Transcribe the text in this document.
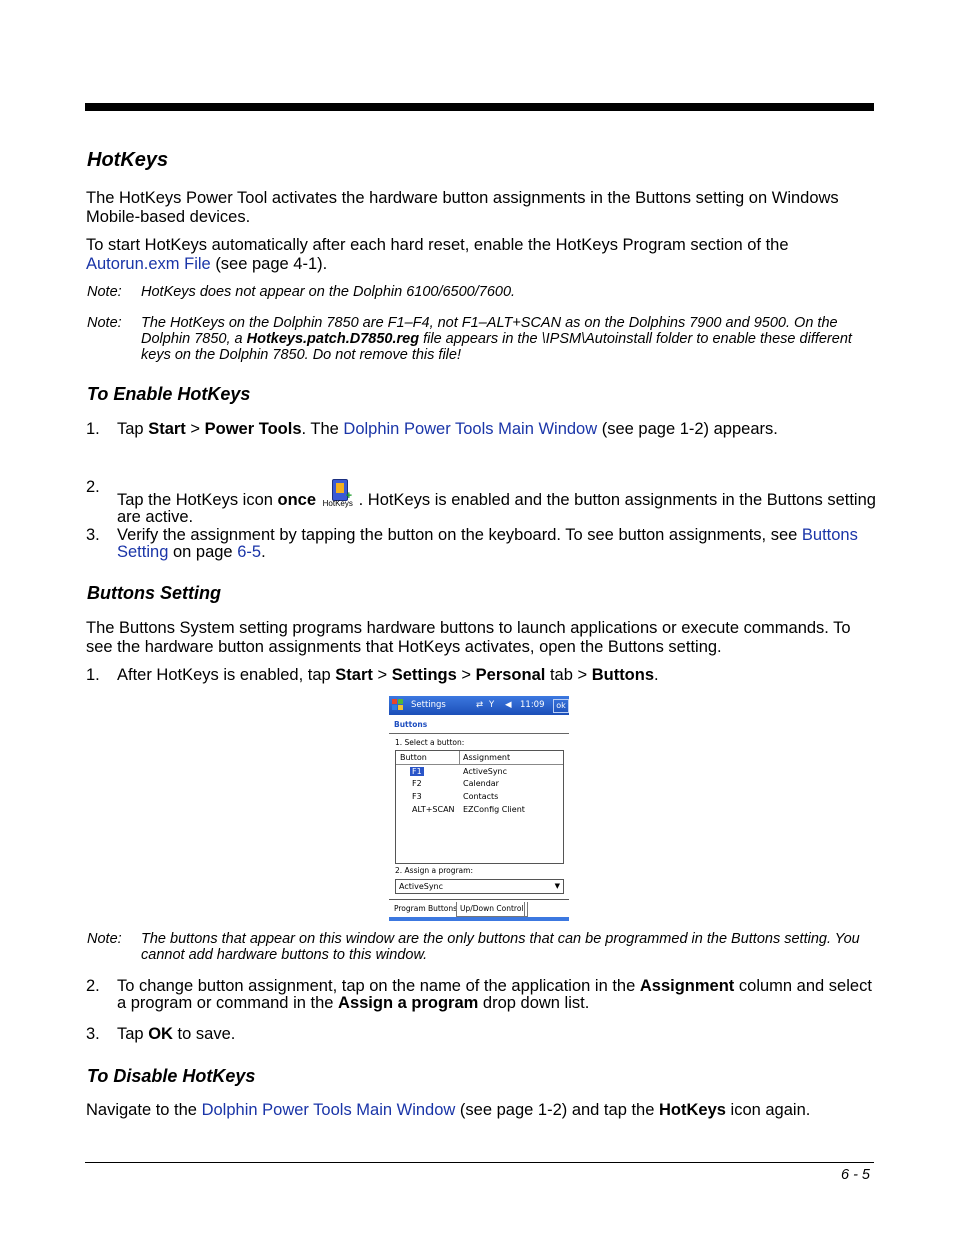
HotKeys

The HotKeys Power Tool activates the hardware button assignments in the Buttons setting on Windows Mobile-based devices.

To start HotKeys automatically after each hard reset, enable the HotKeys Program section of the Autorun.exm File (see page 4-1).

Note: HotKeys does not appear on the Dolphin 6100/6500/7600.
Note: The HotKeys on the Dolphin 7850 are F1–F4, not F1–ALT+SCAN as on the Dolphins 7900 and 9500. On the Dolphin 7850, a Hotkeys.patch.D7850.reg file appears in the \IPSM\Autoinstall folder to enable these different keys on the Dolphin 7850. Do not remove this file!
To Enable HotKeys
1. Tap Start > Power Tools. The Dolphin Power Tools Main Window (see page 1-2) appears.
2.
Tap the HotKeys icon once	+
HotKeys . HotKeys is enabled and the button assignments in the Buttons setting are active.
3. Verify the assignment by tapping the button on the keyboard. To see button assignments, see Buttons Setting on page 6-5.
Buttons Setting

The Buttons System setting programs hardware buttons to launch applications or execute commands. To see the hardware button assignments that HotKeys activates, open the Buttons setting.

1. After HotKeys is enabled, tap Start > Settings > Personal tab > Buttons.
Settings	⇄ Y ◀ 11:09	ok
Buttons
1. Select a button:
Button	Assignment
F1	ActiveSync
F2	Calendar
F3	Contacts
ALT+SCAN EZConfig Client
2. Assign a program:
ActiveSync	▼
Program Buttons Up/Down Control
Note: The buttons that appear on this window are the only buttons that can be programmed in the Buttons setting. You cannot add hardware buttons to this window.
2. To change button assignment, tap on the name of the application in the Assignment column and select a program or command in the Assign a program drop down list.
3. Tap OK to save.
To Disable HotKeys

Navigate to the Dolphin Power Tools Main Window (see page 1-2) and tap the HotKeys icon again.

6 - 5
